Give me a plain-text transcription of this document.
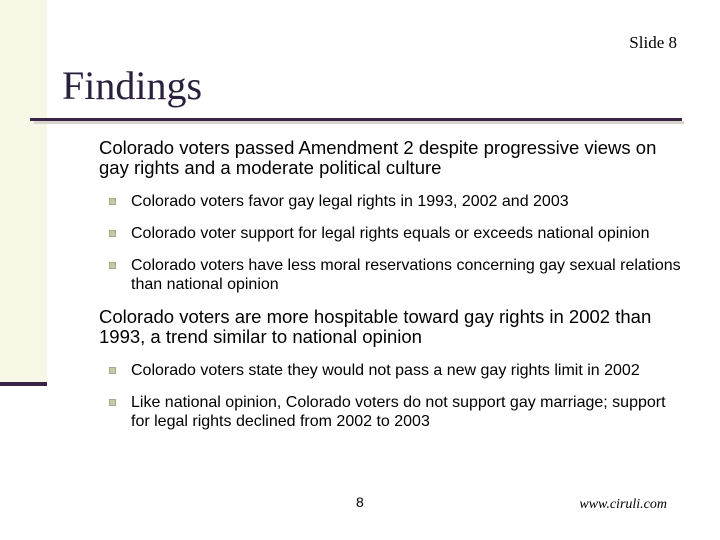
Slide 8
Findings

Colorado voters passed Amendment 2 despite progressive views on gay rights and a moderate political culture

Colorado voters favor gay legal rights in 1993, 2002 and 2003
Colorado voter support for legal rights equals or exceeds national opinion
Colorado voters have less moral reservations concerning gay sexual relations than national opinion

Colorado voters are more hospitable toward gay rights in 2002 than 1993, a trend similar to national opinion

Colorado voters state they would not pass a new gay rights limit in 2002
Like national opinion, Colorado voters do not support gay marriage; support for legal rights declined from 2002 to 2003
8	www.ciruli.com
